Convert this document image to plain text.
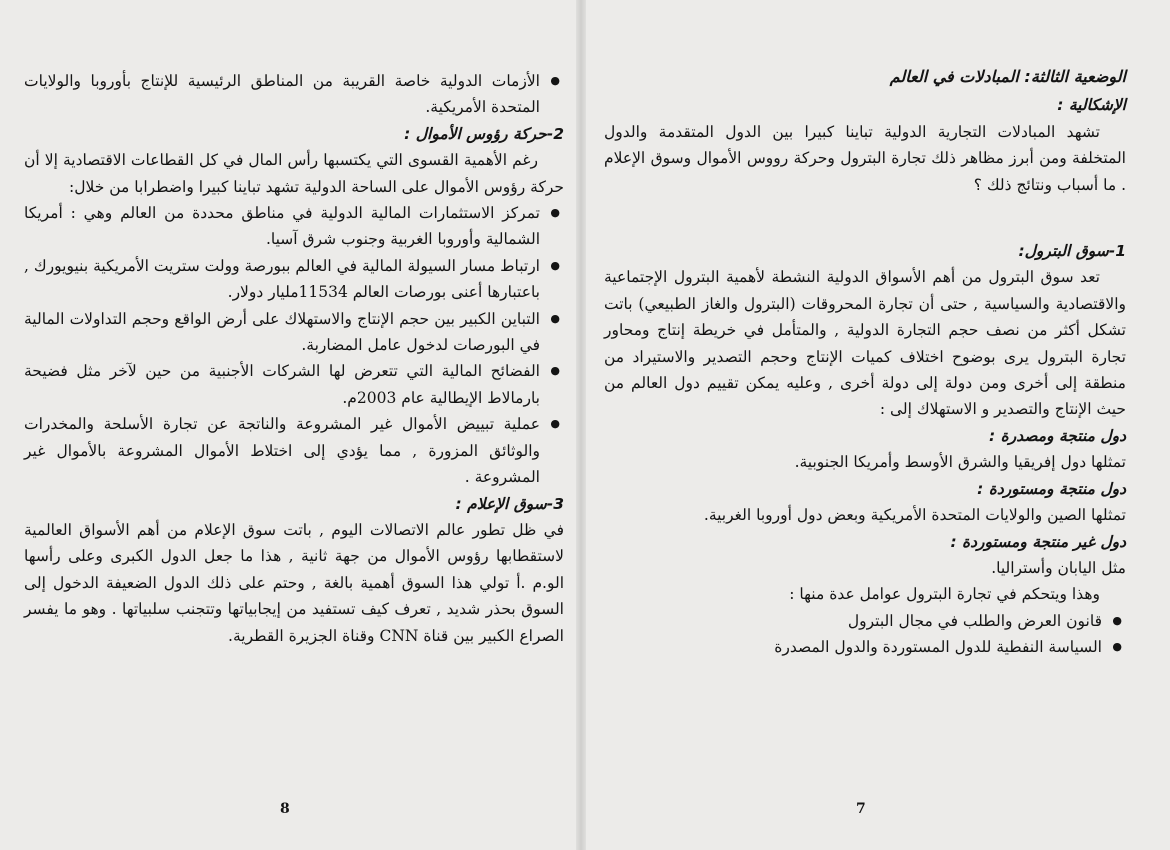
الوضعية الثالثة: المبادلات في العالم

الإشكالية :

تشهد المبادلات التجارية الدولية تباينا كبيرا بين الدول المتقدمة والدول المتخلفة ومن أبرز مظاهر ذلك تجارة البترول وحركة رووس الأموال وسوق الإعلام . ما أسباب ونتائج ذلك ؟

1-سوق البترول:

تعد سوق البترول من أهم الأسواق الدولية النشطة لأهمية البترول الإجتماعية والاقتصادية والسياسية , حتى أن تجارة المحروقات (البترول والغاز الطبيعي) باتت تشكل أكثر من نصف حجم التجارة الدولية , والمتأمل في خريطة إنتاج ومحاور تجارة البترول يرى بوضوح اختلاف كميات الإنتاج وحجم التصدير والاستيراد من منطقة إلى أخرى ومن دولة إلى دولة أخرى , وعليه يمكن تقييم دول العالم من حيث الإنتاج والتصدير و الاستهلاك إلى :

دول منتجة ومصدرة :

تمثلها دول إفريقيا والشرق الأوسط وأمريكا الجنوبية.

دول منتجة ومستوردة :

تمثلها الصين والولايات المتحدة الأمريكية وبعض دول أوروبا الغربية.

دول غير منتجة ومستوردة :

مثل اليابان وأستراليا.

وهذا ويتحكم في تجارة البترول عوامل عدة منها :

● قانون العرض والطلب في مجال البترول
● السياسة النفطية للدول المستوردة والدول المصدرة
7
● الأزمات الدولية خاصة القريبة من المناطق الرئيسية للإنتاج بأوروبا والولايات المتحدة الأمريكية.

2-حركة رؤوس الأموال :

رغم الأهمية القسوى التي يكتسبها رأس المال في كل القطاعات الاقتصادية إلا أن حركة رؤوس الأموال على الساحة الدولية تشهد تباينا كبيرا واضطرابا من خلال:

● تمركز الاستثمارات المالية الدولية في مناطق محددة من العالم وهي : أمريكا الشمالية وأوروبا الغربية وجنوب شرق آسيا.
● ارتباط مسار السيولة المالية في العالم ببورصة وولت ستريت الأمريكية بنيويورك , باعتبارها أعنى بورصات العالم 11534مليار دولار.
● التباين الكبير بين حجم الإنتاج والاستهلاك على أرض الواقع وحجم التداولات المالية في البورصات لدخول عامل المضاربة.
● الفضائح المالية التي تتعرض لها الشركات الأجنبية من حين لآخر مثل فضيحة بارمالاط الإيطالية عام 2003م.
● عملية تبييض الأموال غير المشروعة والناتجة عن تجارة الأسلحة والمخدرات والوثائق المزورة , مما يؤدي إلى اختلاط الأموال المشروعة بالأموال غير المشروعة .

3-سوق الإعلام :

في ظل تطور عالم الاتصالات اليوم , باتت سوق الإعلام من أهم الأسواق العالمية لاستقطابها رؤوس الأموال من جهة ثانية , هذا ما جعل الدول الكبرى وعلى رأسها الو.م .أ تولي هذا السوق أهمية بالغة , وحتم على ذلك الدول الضعيفة الدخول إلى السوق بحذر شديد , تعرف كيف تستفيد من إيجابياتها وتتجنب سلبياتها . وهو ما يفسر الصراع الكبير بين قناة CNN وقناة الجزيرة القطرية.

8
